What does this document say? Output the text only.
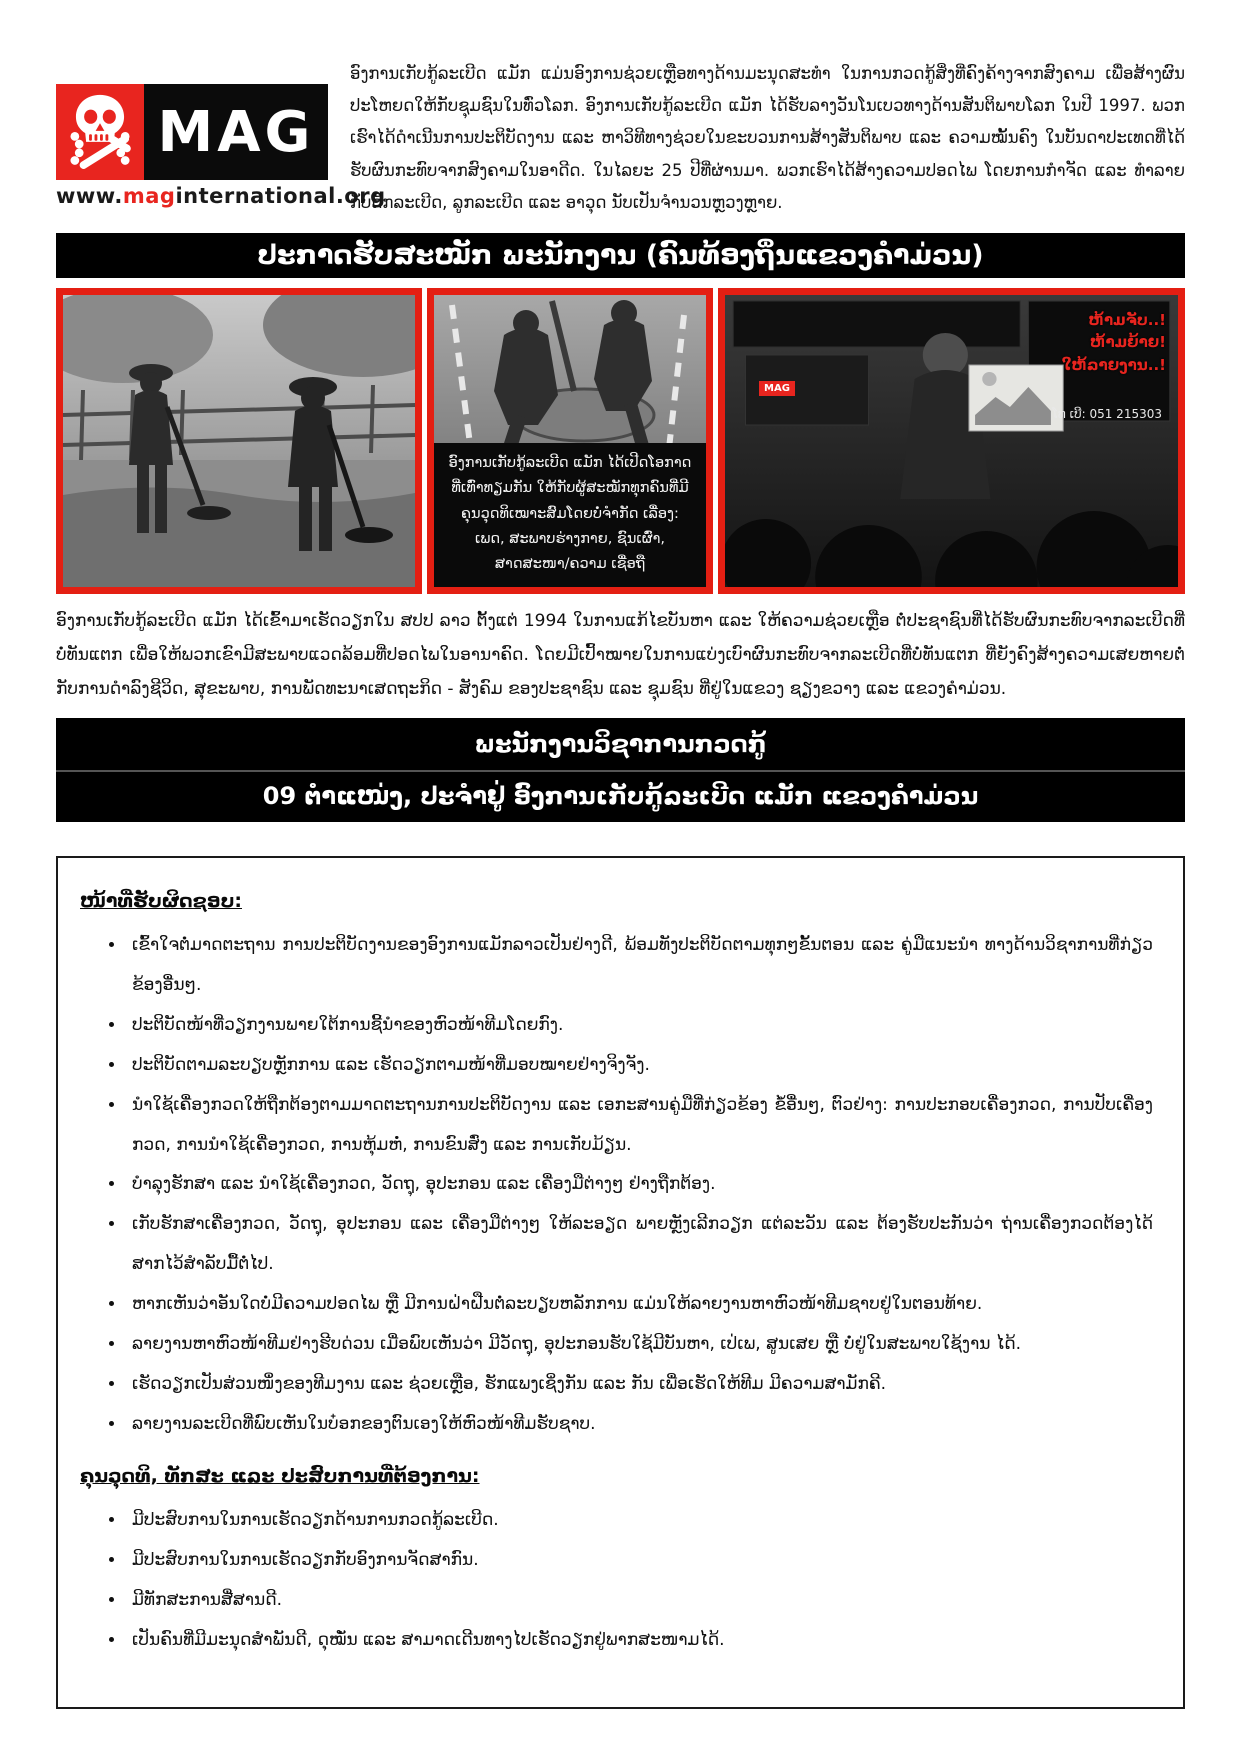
MAG
www.maginternational.org

ອົງການເກັບກູ້ລະເບີດ ແມັກ ແມ່ນອົງການຊ່ວຍເຫຼືອທາງດ້ານມະນຸດສະທໍາ ໃນການກວດກູ້ສິ່ງທີ່ຄົງຄ້າງຈາກສົງຄາມ ເພື່ອສ້າງຜົນປະໂຫຍດໃຫ້ກັບຊຸມຊົນໃນທົ່ວໂລກ. ອົງການເກັບກູ້ລະເບີດ ແມັກ ໄດ້ຮັບລາງວັນໂນເບວທາງດ້ານສັນຕິພາບໂລກ ໃນປີ 1997. ພວກເຮົາໄດ້ດໍາເນີນການປະຕິບັດງານ ແລະ ຫາວິທີທາງຊ່ວຍໃນຂະບວນການສ້າງສັນຕິພາບ ແລະ ຄວາມໝັ້ນຄົງ ໃນບັນດາປະເທດທີ່ໄດ້ຮັບຜົນກະທົບຈາກສົງຄາມໃນອາດີດ. ໃນໄລຍະ 25 ປີທີ່ຜ່ານມາ. ພວກເຮົາໄດ້ສ້າງຄວາມປອດໄພ ໂດຍການກໍາຈັດ ແລະ ທໍາລາຍ ກັບດັກລະເບີດ, ລູກລະເບີດ ແລະ ອາວຸດ ນັບເປັນຈໍານວນຫຼວງຫຼາຍ.

ປະກາດຮັບສະໝັກ ພະນັກງານ (ຄົນທ້ອງຖິ່ນແຂວງຄໍາມ່ວນ)
ອົງການເກັບກູ້ລະເບີດ ແມັກ ໄດ້ເປີດໂອກາດທີ່ເທົ່າທຽມກັນ ໃຫ້ກັບຜູ້ສະໝັກທຸກຄົນທີ່ມີຄຸນວຸດທິເໝາະສົມໂດຍບໍ່ຈໍາກັດ ເລື່ອງ: ເພດ, ສະພາບຮ່າງກາຍ, ຊົນເຜົ່າ, ສາດສະໜາ/ຄວາມ ເຊື່ອຖື
ຫ້າມຈັບ..!
ຫ້າມຍ້າຍ!
ໃຫ້ລາຍງານ..!
ໂທ ເບີ: 051 215303
MAG

ອົງການເກັບກູ້ລະເບີດ ແມັກ ໄດ້ເຂົ້າມາເຮັດວຽກໃນ ສປປ ລາວ ຕັ້ງແຕ່ 1994 ໃນການແກ້ໄຂບັນຫາ ແລະ ໃຫ້ຄວາມຊ່ວຍເຫຼືອ ຕໍ່ປະຊາຊົນທີ່ໄດ້ຮັບຜົນກະທົບຈາກລະເບີດທີ່ບໍ່ທັນແຕກ ເພື່ອໃຫ້ພວກເຂົາມີສະພາບແວດລ້ອມທີ່ປອດໄພໃນອານາຄົດ. ໂດຍມີເປົ້າໝາຍໃນການແບ່ງເບົາຜົນກະທົບຈາກລະເບີດທີ່ບໍ່ທັນແຕກ ທີ່ຍັງຄົງສ້າງຄວາມເສຍຫາຍຕໍ່ກັບການດໍາລົງຊີວິດ, ສຸຂະພາບ, ການພັດທະນາເສດຖະກິດ - ສັງຄົມ ຂອງປະຊາຊົນ ແລະ ຊຸມຊົນ ທີ່ຢູ່ໃນແຂວງ ຊຽງຂວາງ ແລະ ແຂວງຄໍາມ່ວນ.

ພະນັກງານວິຊາການກວດກູ້
09 ຕໍາແໜ່ງ, ປະຈໍາຢູ່ ອົງການເກັບກູ້ລະເບີດ ແມັກ ແຂວງຄໍາມ່ວນ
ໜ້າທີ່ຮັບຜິດຊອບ:
• ເຂົ້າໃຈຕໍ່ມາດຕະຖານ ການປະຕິບັດງານຂອງອົງການແມັກລາວເປັນຢ່າງດີ, ພ້ອມທັງປະຕິບັດຕາມທຸກໆຂັ້ນຕອນ ແລະ ຄູ່ມືແນະນໍາ ທາງດ້ານວິຊາການທີ່ກ່ຽວຂ້ອງອື່ນໆ.
• ປະຕິບັດໜ້າທີ່ວຽກງານພາຍໃຕ້ການຊີ້ນໍາຂອງຫົວໜ້າທີມໂດຍກົງ.
• ປະຕິບັດຕາມລະບຽບຫຼັກການ ແລະ ເຮັດວຽກຕາມໜ້າທີ່ມອບໝາຍຢ່າງຈິງຈັງ.
• ນໍາໃຊ້ເຄື່ອງກວດໃຫ້ຖືກຕ້ອງຕາມມາດຕະຖານການປະຕິບັດງານ ແລະ ເອກະສານຄູ່ມືທີ່ກ່ຽວຂ້ອງ ຂໍ້ອື່ນໆ, ຕົວຢ່າງ: ການປະກອບເຄື່ອງກວດ, ການປັບເຄື່ອງກວດ, ການນໍາໃຊ້ເຄື່ອງກວດ, ການຫຸ້ມຫໍ່, ການຂົນສົ່ງ ແລະ ການເກັບມ້ຽນ.
• ບໍາລຸງຮັກສາ ແລະ ນໍາໃຊ້ເຄື່ອງກວດ, ວັດຖຸ, ອຸປະກອນ ແລະ ເຄື່ອງມືຕ່າງໆ ຢ່າງຖືກຕ້ອງ.
• ເກັບຮັກສາເຄື່ອງກວດ, ວັດຖຸ, ອຸປະກອນ ແລະ ເຄື່ອງມືຕ່າງໆ ໃຫ້ລະອຽດ ພາຍຫຼັງເລີກວຽກ ແຕ່ລະວັນ ແລະ ຕ້ອງຮັບປະກັນວ່າ ຖ່ານເຄື່ອງກວດຕ້ອງໄດ້ສາກໄວ້ສໍາລັບມື້ຕໍ່ໄປ.
• ຫາກເຫັນວ່າອັນໃດບໍ່ມີຄວາມປອດໄພ ຫຼື ມີການຝ່າຝືນຕໍ່ລະບຽບຫລັກການ ແມ່ນໃຫ້ລາຍງານຫາຫົວໜ້າທີມຊາບຢູ່ໃນຕອນທ້າຍ.
• ລາຍງານຫາຫົວໜ້າທີມຢ່າງຮີບດ່ວນ ເມື່ອພົບເຫັນວ່າ ມີວັດຖຸ, ອຸປະກອນຮັບໃຊ້ມີບັນຫາ, ເປ່ເພ, ສູນເສຍ ຫຼື ບໍ່ຢູ່ໃນສະພາບໃຊ້ງານ ໄດ້.
• ເຮັດວຽກເປັນສ່ວນໜຶ່ງຂອງທີມງານ ແລະ ຊ່ວຍເຫຼືອ, ຮັກແພງເຊິ່ງກັນ ແລະ ກັນ ເພື່ອເຮັດໃຫ້ທີມ ມີຄວາມສາມັກຄີ.
• ລາຍງານລະເບີດທີ່ພົບເຫັນໃນບ໋ອກຂອງຕົນເອງໃຫ້ຫົວໜ້າທີມຮັບຊາບ.
ຄຸນວຸດທິ, ທັກສະ ແລະ ປະສົບການທີ່ຕ້ອງການ:
• ມີປະສົບການໃນການເຮັດວຽກດ້ານການກວດກູ້ລະເບີດ.
• ມີປະສົບການໃນການເຮັດວຽກກັບອົງການຈັດສາກົນ.
• ມີທັກສະການສື່ສານດີ.
• ເປັນຄົນທີ່ມີມະນຸດສໍາພັນດີ, ດຸໝັ່ນ ແລະ ສາມາດເດີນທາງໄປເຮັດວຽກຢູ່ພາກສະໜາມໄດ້.
